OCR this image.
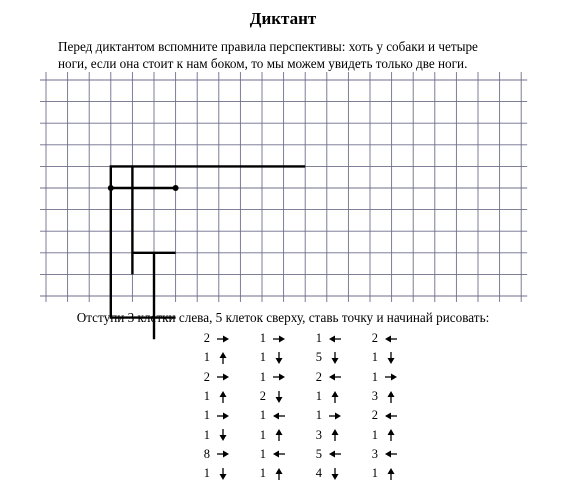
Диктант
Перед диктантом вспомните правила перспективы: хоть у собаки и четыре
ноги, если она стоит к нам боком, то мы можем увидеть только две ноги.
Отступи 3 клетки слева, 5 клеток сверху, ставь точку и начинай рисовать:
2	1	1	2
1	1	5	1
2	1	2	1
1	2	1	3
1	1	1	2
1	1	3	1
8	1	5	3
1	1	4	1
